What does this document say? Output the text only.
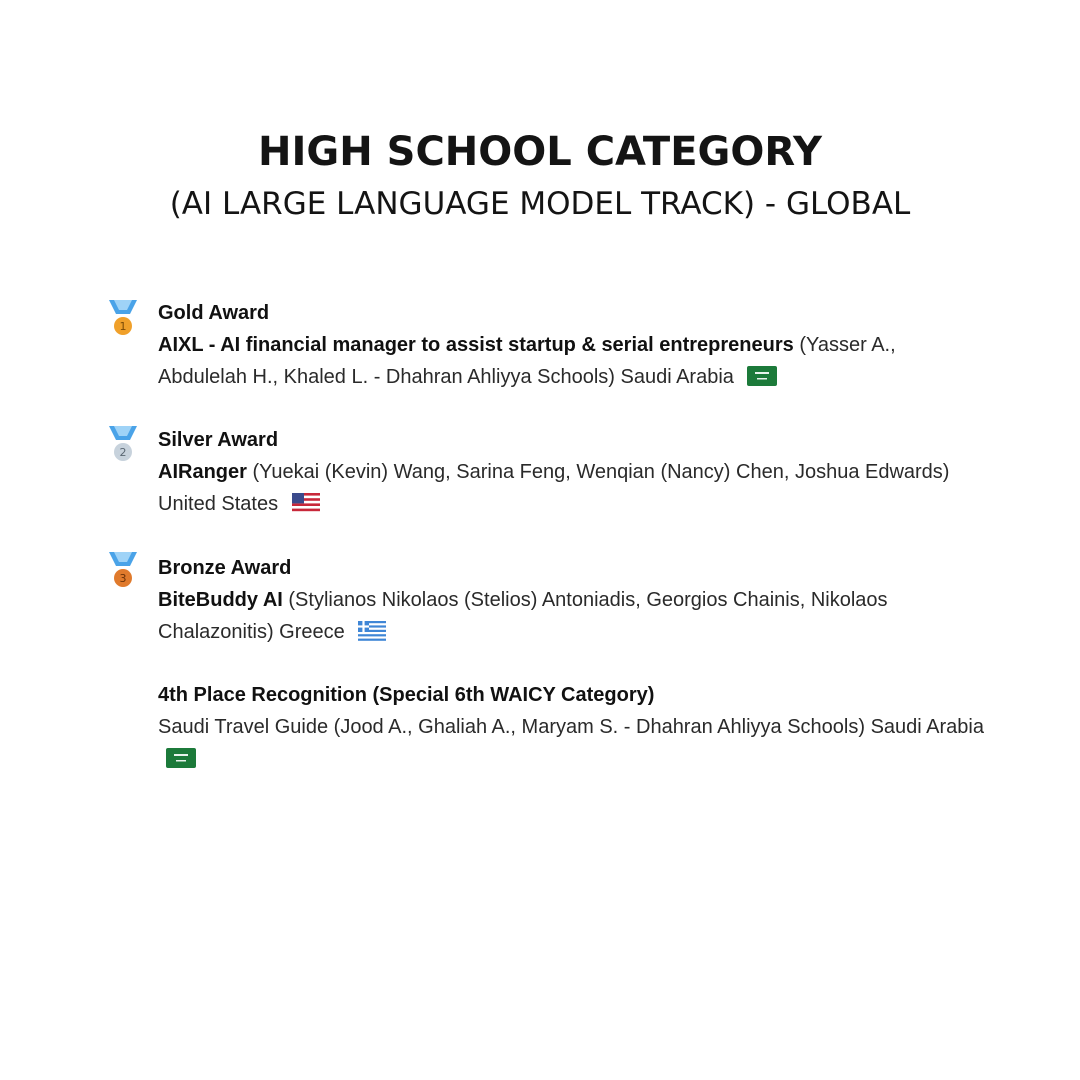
HIGH SCHOOL CATEGORY
(AI LARGE LANGUAGE MODEL TRACK) - GLOBAL
1
Gold Award
AIXL - AI financial manager to assist startup & serial entrepreneurs (Yasser A., Abdulelah H., Khaled L. - Dhahran Ahliyya Schools) Saudi Arabia
2
Silver Award
AIRanger (Yuekai (Kevin) Wang, Sarina Feng, Wenqian (Nancy) Chen, Joshua Edwards) United States
3 Bronze Award
BiteBuddy AI (Stylianos Nikolaos (Stelios) Antoniadis, Georgios Chainis, Nikolaos Chalazonitis) Greece
4th Place Recognition (Special 6th WAICY Category)
Saudi Travel Guide (Jood A., Ghaliah A., Maryam S. - Dhahran Ahliyya Schools) Saudi Arabia
